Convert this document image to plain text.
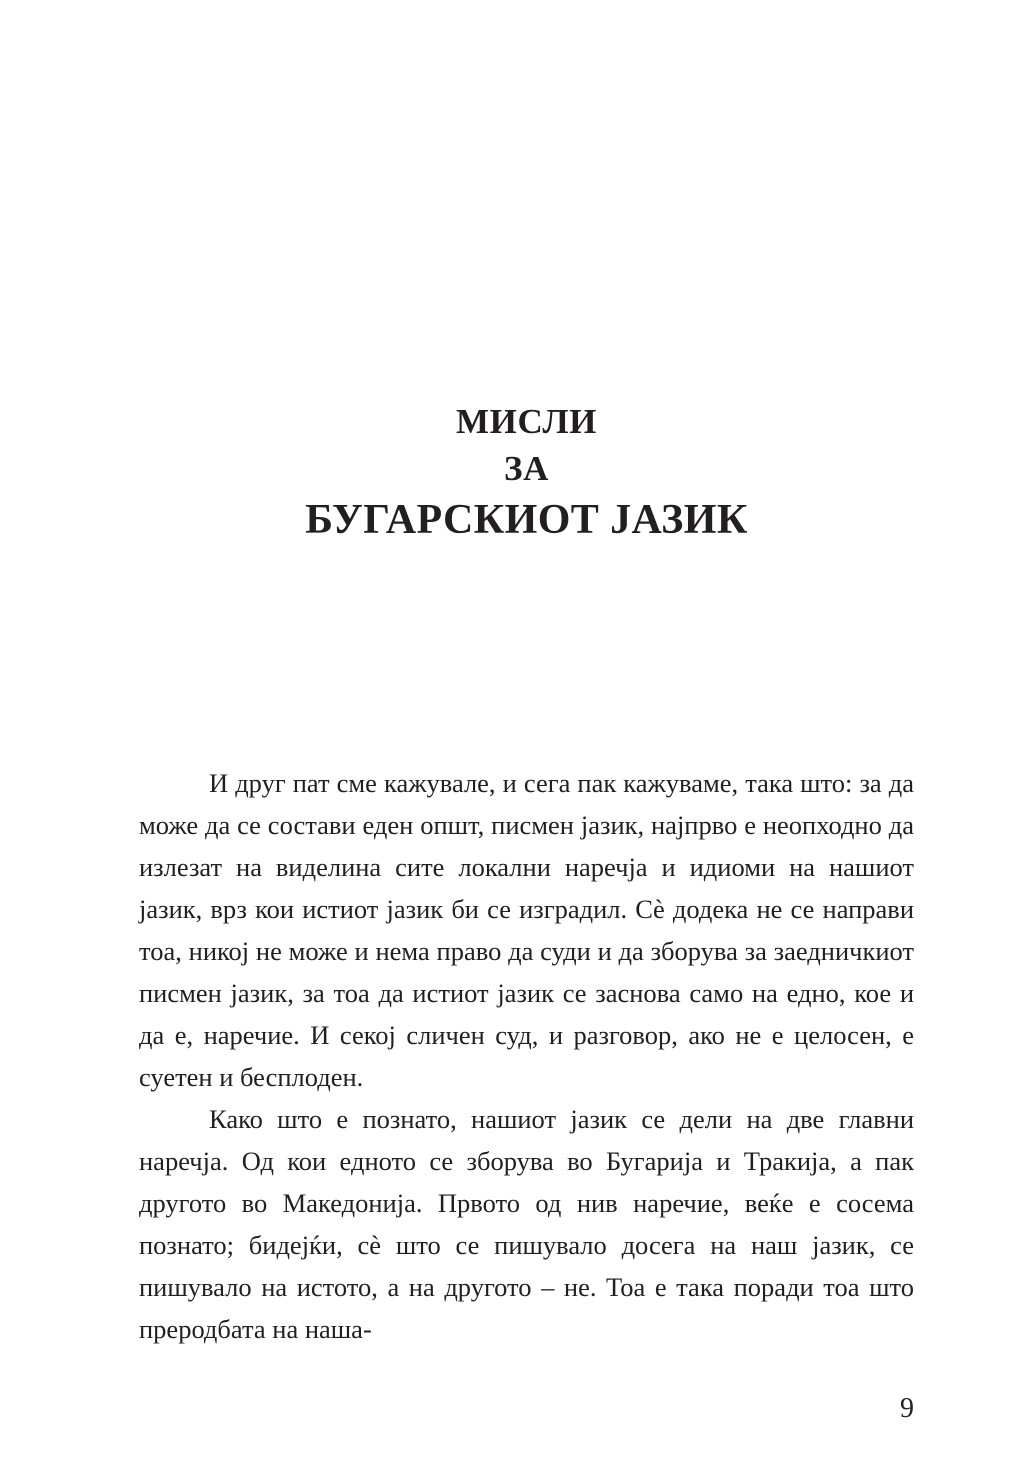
МИСЛИ
ЗА
БУГАРСКИОТ ЈАЗИК

И друг пат сме кажувале, и сега пак кажуваме, така што: за да може да се состави еден општ, писмен јазик, најпрво е неопходно да излезат на виделина сите локални наречја и идиоми на нашиот јазик, врз кои истиот јазик би се изградил. Сè додека не се направи тоа, никој не може и нема право да суди и да зборува за заедничкиот писмен јазик, за тоа да истиот јазик се заснова само на едно, кое и да е, наречие. И секој сличен суд, и разговор, ако не е целосен, е суетен и бесплоден.

Како што е познато, нашиот јазик се дели на две главни наречја. Од кои едното се зборува во Бугарија и Тракија, а пак другото во Македонија. Првото од нив наречие, веќе е сосема познато; бидејќи, сè што се пишувало досега на наш јазик, се пишувало на истото, а на другото – не. Тоа е така поради тоа што преродбата на наша-

9
